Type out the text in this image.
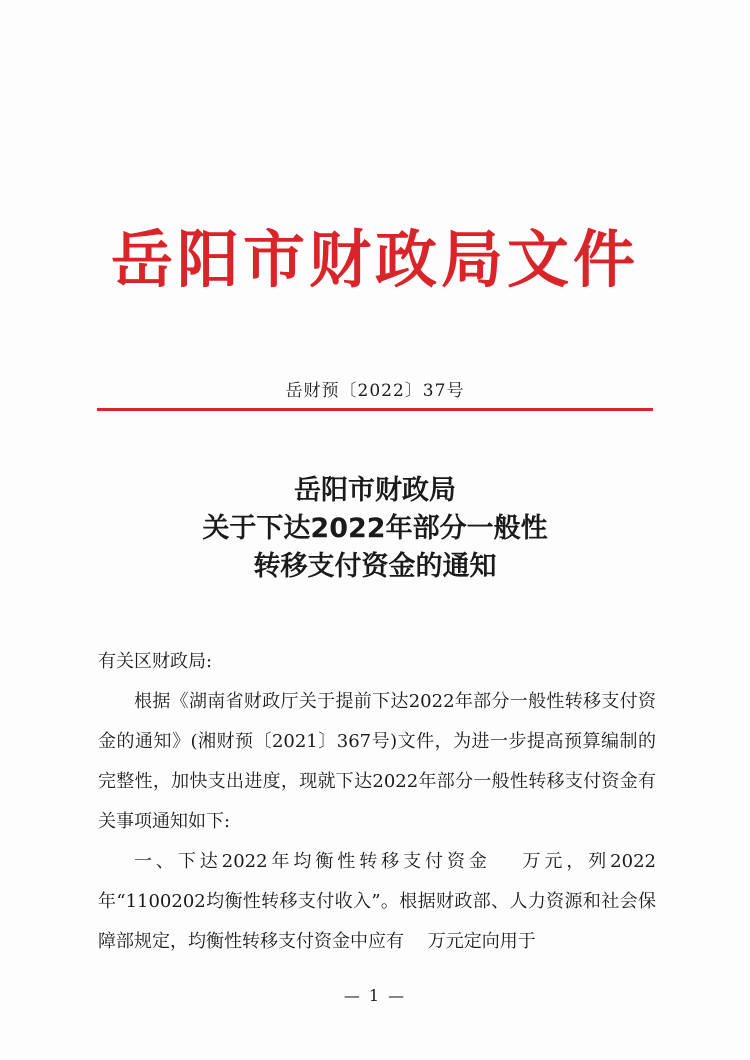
岳阳市财政局文件
岳财预〔2022〕37号
岳阳市财政局
关于下达2022年部分一般性
转移支付资金的通知
有关区财政局:
根据《湖南省财政厅关于提前下达2022年部分一般性转移支付资金的通知》(湘财预〔2021〕367号)文件，为进一步提高预算编制的完整性，加快支出进度，现就下达2022年部分一般性转移支付资金有关事项通知如下:
一、下达2022年均衡性转移支付资金 　万元，列2022年“1100202均衡性转移支付收入”。根据财政部、人力资源和社会保障部规定，均衡性转移支付资金中应有 　万元定向用于
— 1 —
